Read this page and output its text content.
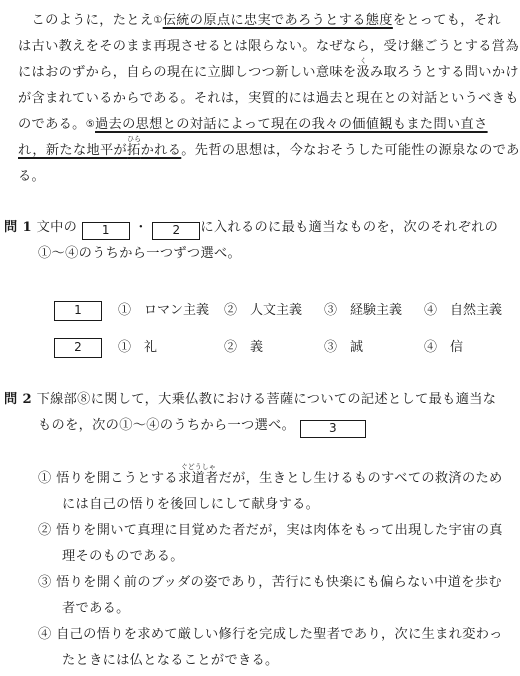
　このように，たとえ①伝統の原点に忠実であろうとする態度をとっても，それ
は古い教えをそのまま再現させるとは限らない。なぜなら，受け継ごうとする営為
にはおのずから，自らの現在に立脚しつつ新しい意味を
く
汲み取ろうとする問いかけ
が含まれているからである。それは，実質的には過去と現在との対話というべきも
のである。⑤過去の思想との対話によって現在の我々の価値観もまた問い直さ
れ，新たな地平が
ひら
拓かれる。先哲の思想は，今なおそうした可能性の源泉なのであ
る。
問 1 文中の 1 ・ 2 に入れるのに最も適当なものを，次のそれぞれの
①～④のうちから一つずつ選べ。
1	①　ロマン主義 ②　人文主義 ③　経験主義 ④　自然主義
2	①　礼	②　義	③　誠	④　信
問 2 下線部⑧に関して，大乗仏教における菩薩についての記述として最も適当な
ものを，次の①～④のうちから一つ選べ。	3
① 悟りを開こうとする
ぐどうしゃ
求道者だが，生きとし生けるものすべての救済のため
には自己の悟りを後回しにして献身する。
② 悟りを開いて真理に目覚めた者だが，実は肉体をもって出現した宇宙の真
理そのものである。
③ 悟りを開く前のブッダの姿であり，苦行にも快楽にも偏らない中道を歩む
者である。
④ 自己の悟りを求めて厳しい修行を完成した聖者であり，次に生まれ変わっ
たときには仏となることができる。
